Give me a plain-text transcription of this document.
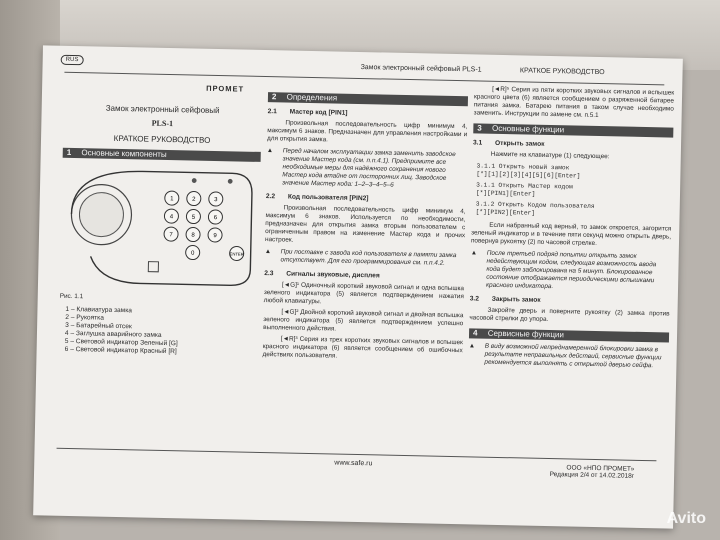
RUS
Замок электронный сейфовый PLS-1	КРАТКОЕ РУКОВОДСТВО
ПРОМЕТ
Замок электронный сейфовый
PLS-1
КРАТКОЕ РУКОВОДСТВО
1 Основные компоненты
1	2	3
4	5	6
7	8	9
0	ENTER
Рис. 1.1
1 – Клавиатура замка
2 – Рукоятка
3 – Батарейный отсек
4 – Заглушка аварийного замка
5 – Световой индикатор Зеленый [G]
6 – Световой индикатор Красный [R]
2 Определения
2.1 Мастер код [PIN1]
Произвольная последовательность цифр минимум 4, максимум 6 знаков. Предназначен для управления настройками и для открытия замка.
▲ Перед началом эксплуатации замка заменить заводское значение Мастер кода (см. п.п.4.1). Предпримите все необходимые меры для надёжного сохранения нового Мастер кода втайне от посторонних лиц. Заводское значение Мастер кода: 1–2–3–4–5–6
2.2 Код пользователя [PIN2]
Произвольная последовательность цифр минимум 4, максимум 6 знаков. Используется по необходимости, предназначен для открытия замка вторым пользователем с ограниченным правом на изменение Мастер кода и прочих настроек.
▲ При поставке с завода код пользователя в памяти замка отсутствует. Для его программирования см. п.п.4.2.
2.3 Сигналы звуковые, дисплея
[◄G]¹ Одиночный короткий звуковой сигнал и одна вспышка зеленого индикатора (5) является подтверждением нажатия любой клавиатуры.
[◄G]² Двойной короткий звуковой сигнал и двойная вспышка зеленого индикатора (5) является подтверждением успешно выполненного действия.
[◄R]³ Серия из трех коротких звуковых сигналов и вспышек красного индикатора (6) является сообщением об ошибочных действиях пользователя.
[◄R]⁵ Серия из пяти коротких звуковых сигналов и вспышек красного цвета (6) является сообщением о разряженной батарее питания замка. Батарею питания в таком случае необходимо заменить. Инструкции по замене см. п.5.1
3 Основные функции
3.1 Открыть замок
Нажмите на клавиатуре (1) следующее:
3.1.1 Открыть новый замок
[*][1][2][3][4][5][6][Enter]
3.1.1 Открыть Мастер кодом
[*][PIN1][Enter]
3.1.2 Открыть Кодом пользователя
[*][PIN2][Enter]
Если набранный код верный, то замок откроется, загорится зеленый индикатор и в течение пяти секунд можно открыть дверь, повернув рукоятку (2) по часовой стрелке.
▲ После третьей подряд попытки открыть замок недействующим кодом, следующая возможность ввода кода будет заблокирована на 5 минут. Блокированное состояние отображается периодическими вспышками красного индикатора.
3.2 Закрыть замок
Закройте дверь и поверните рукоятку (2) замка против часовой стрелки до упора.
4 Сервисные функции
▲ В виду возможной непреднамеренной блокировки замка в результате неправильных действий, сервисные функции рекомендуется выполнять с открытой дверью сейфа.
www.safe.ru
ООО «НПО ПРОМЕТ»
Редакция 2/4 от 14.02.2018г
Avito
